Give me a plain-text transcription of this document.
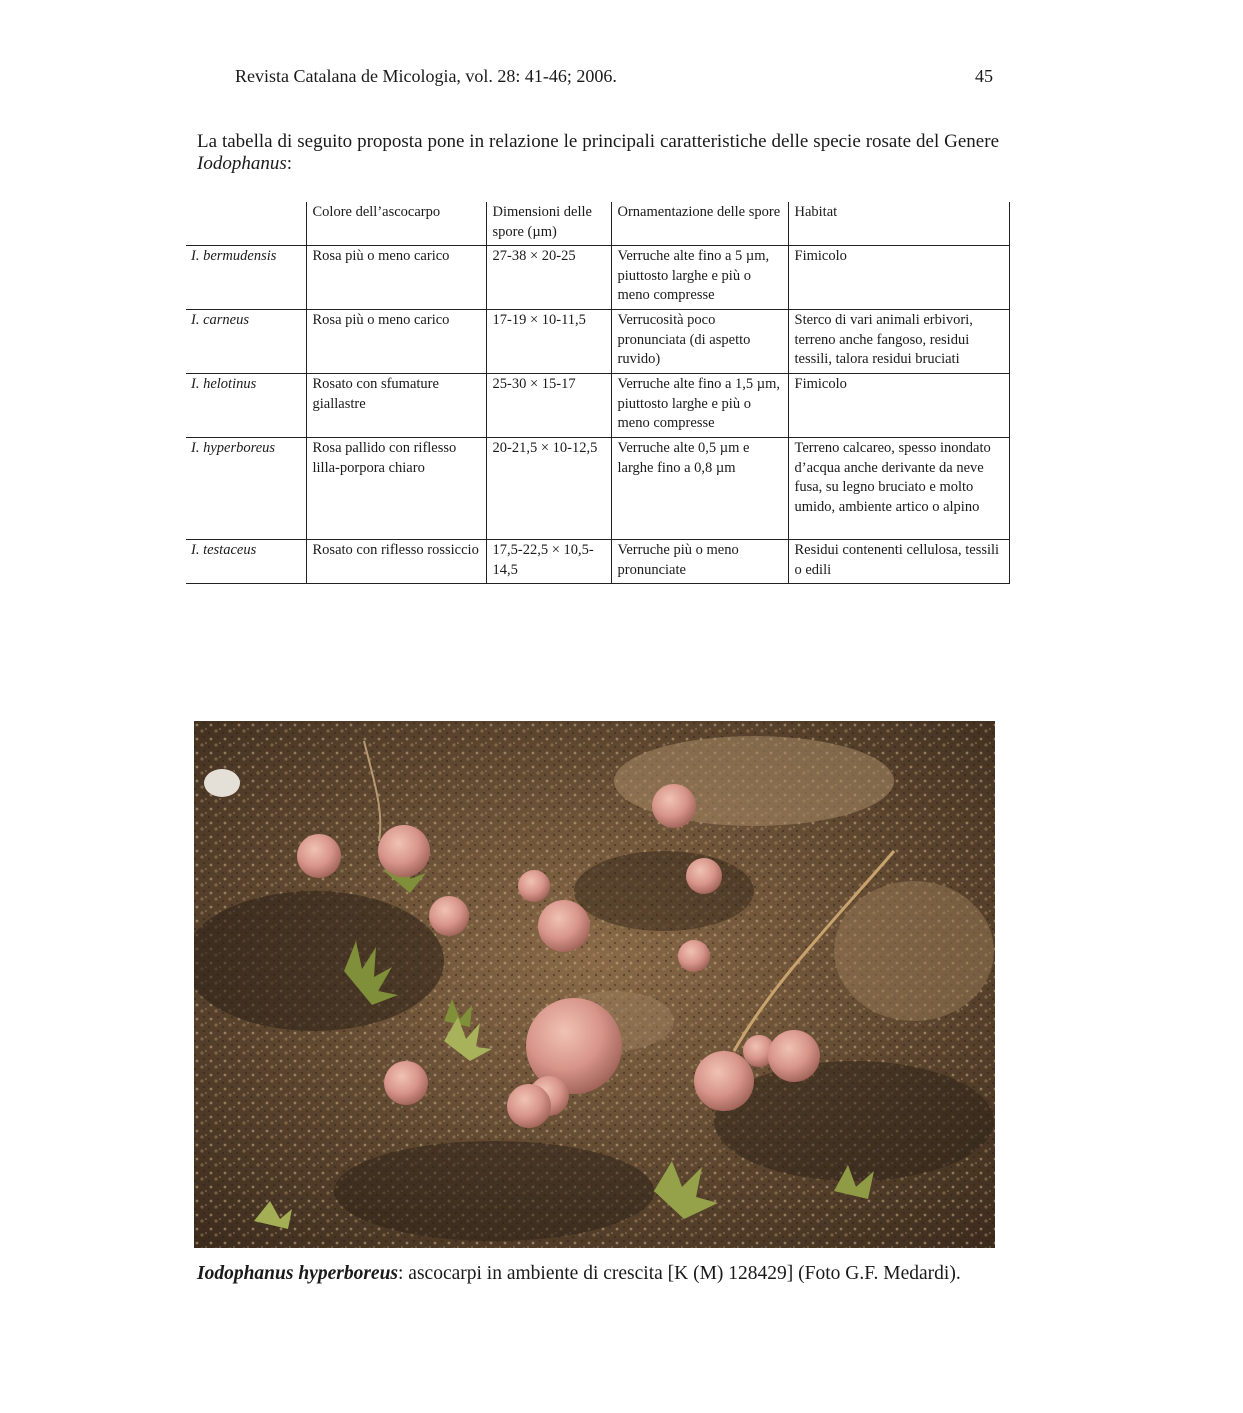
Revista Catalana de Micologia, vol. 28: 41-46; 2006.	45

La tabella di seguito proposta pone in relazione le principali caratteristiche delle specie rosate del Genere Iodophanus:

	Colore dell’ascocarpo	Dimensioni delle spore (µm)	Ornamentazione delle spore	Habitat
I. bermudensis	Rosa più o meno carico	27-38 × 20-25	Verruche alte fino a 5 µm, piuttosto larghe e più o meno compresse	Fimicolo
I. carneus	Rosa più o meno carico	17-19 × 10-11,5	Verrucosità poco pronunciata (di aspetto ruvido)	Sterco di vari animali erbivori, terreno anche fangoso, residui tessili, talora residui bruciati
I. helotinus	Rosato con sfumature giallastre	25-30 × 15-17	Verruche alte fino a 1,5 µm, piuttosto larghe e più o meno compresse	Fimicolo
I. hyperboreus	Rosa pallido con riflesso lilla-porpora chiaro	20-21,5 × 10-12,5	Verruche alte 0,5 µm e larghe fino a 0,8 µm	Terreno calcareo, spesso inondato d’acqua anche derivante da neve fusa, su legno bruciato e molto umido, ambiente artico o alpino
I. testaceus	Rosato con riflesso rossiccio	17,5-22,5 × 10,5-14,5	Verruche più o meno pronunciate	Residui contenenti cellulosa, tessili o edili

Iodophanus hyperboreus: ascocarpi in ambiente di crescita [K (M) 128429] (Foto G.F. Medardi).
